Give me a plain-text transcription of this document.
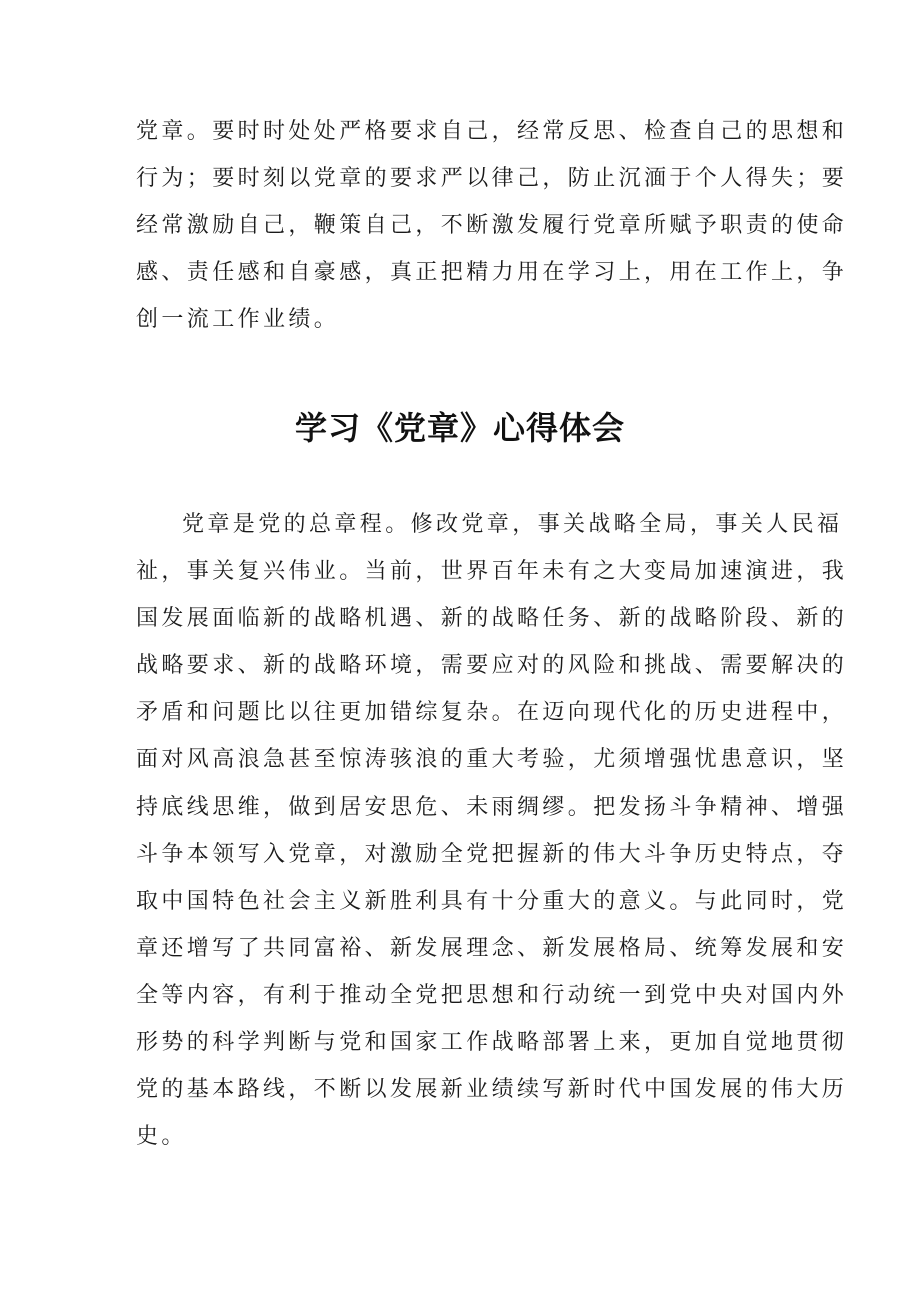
党章。要时时处处严格要求自己，经常反思、检查自己的思想和
行为；要时刻以党章的要求严以律己，防止沉湎于个人得失；要
经常激励自己，鞭策自己，不断激发履行党章所赋予职责的使命
感、责任感和自豪感，真正把精力用在学习上，用在工作上，争
创一流工作业绩。
学习《党章》心得体会
党章是党的总章程。修改党章，事关战略全局，事关人民福
祉，事关复兴伟业。当前，世界百年未有之大变局加速演进，我
国发展面临新的战略机遇、新的战略任务、新的战略阶段、新的
战略要求、新的战略环境，需要应对的风险和挑战、需要解决的
矛盾和问题比以往更加错综复杂。在迈向现代化的历史进程中，
面对风高浪急甚至惊涛骇浪的重大考验，尤须增强忧患意识，坚
持底线思维，做到居安思危、未雨绸缪。把发扬斗争精神、增强
斗争本领写入党章，对激励全党把握新的伟大斗争历史特点，夺
取中国特色社会主义新胜利具有十分重大的意义。与此同时，党
章还增写了共同富裕、新发展理念、新发展格局、统筹发展和安
全等内容，有利于推动全党把思想和行动统一到党中央对国内外
形势的科学判断与党和国家工作战略部署上来，更加自觉地贯彻
党的基本路线，不断以发展新业绩续写新时代中国发展的伟大历
史。
